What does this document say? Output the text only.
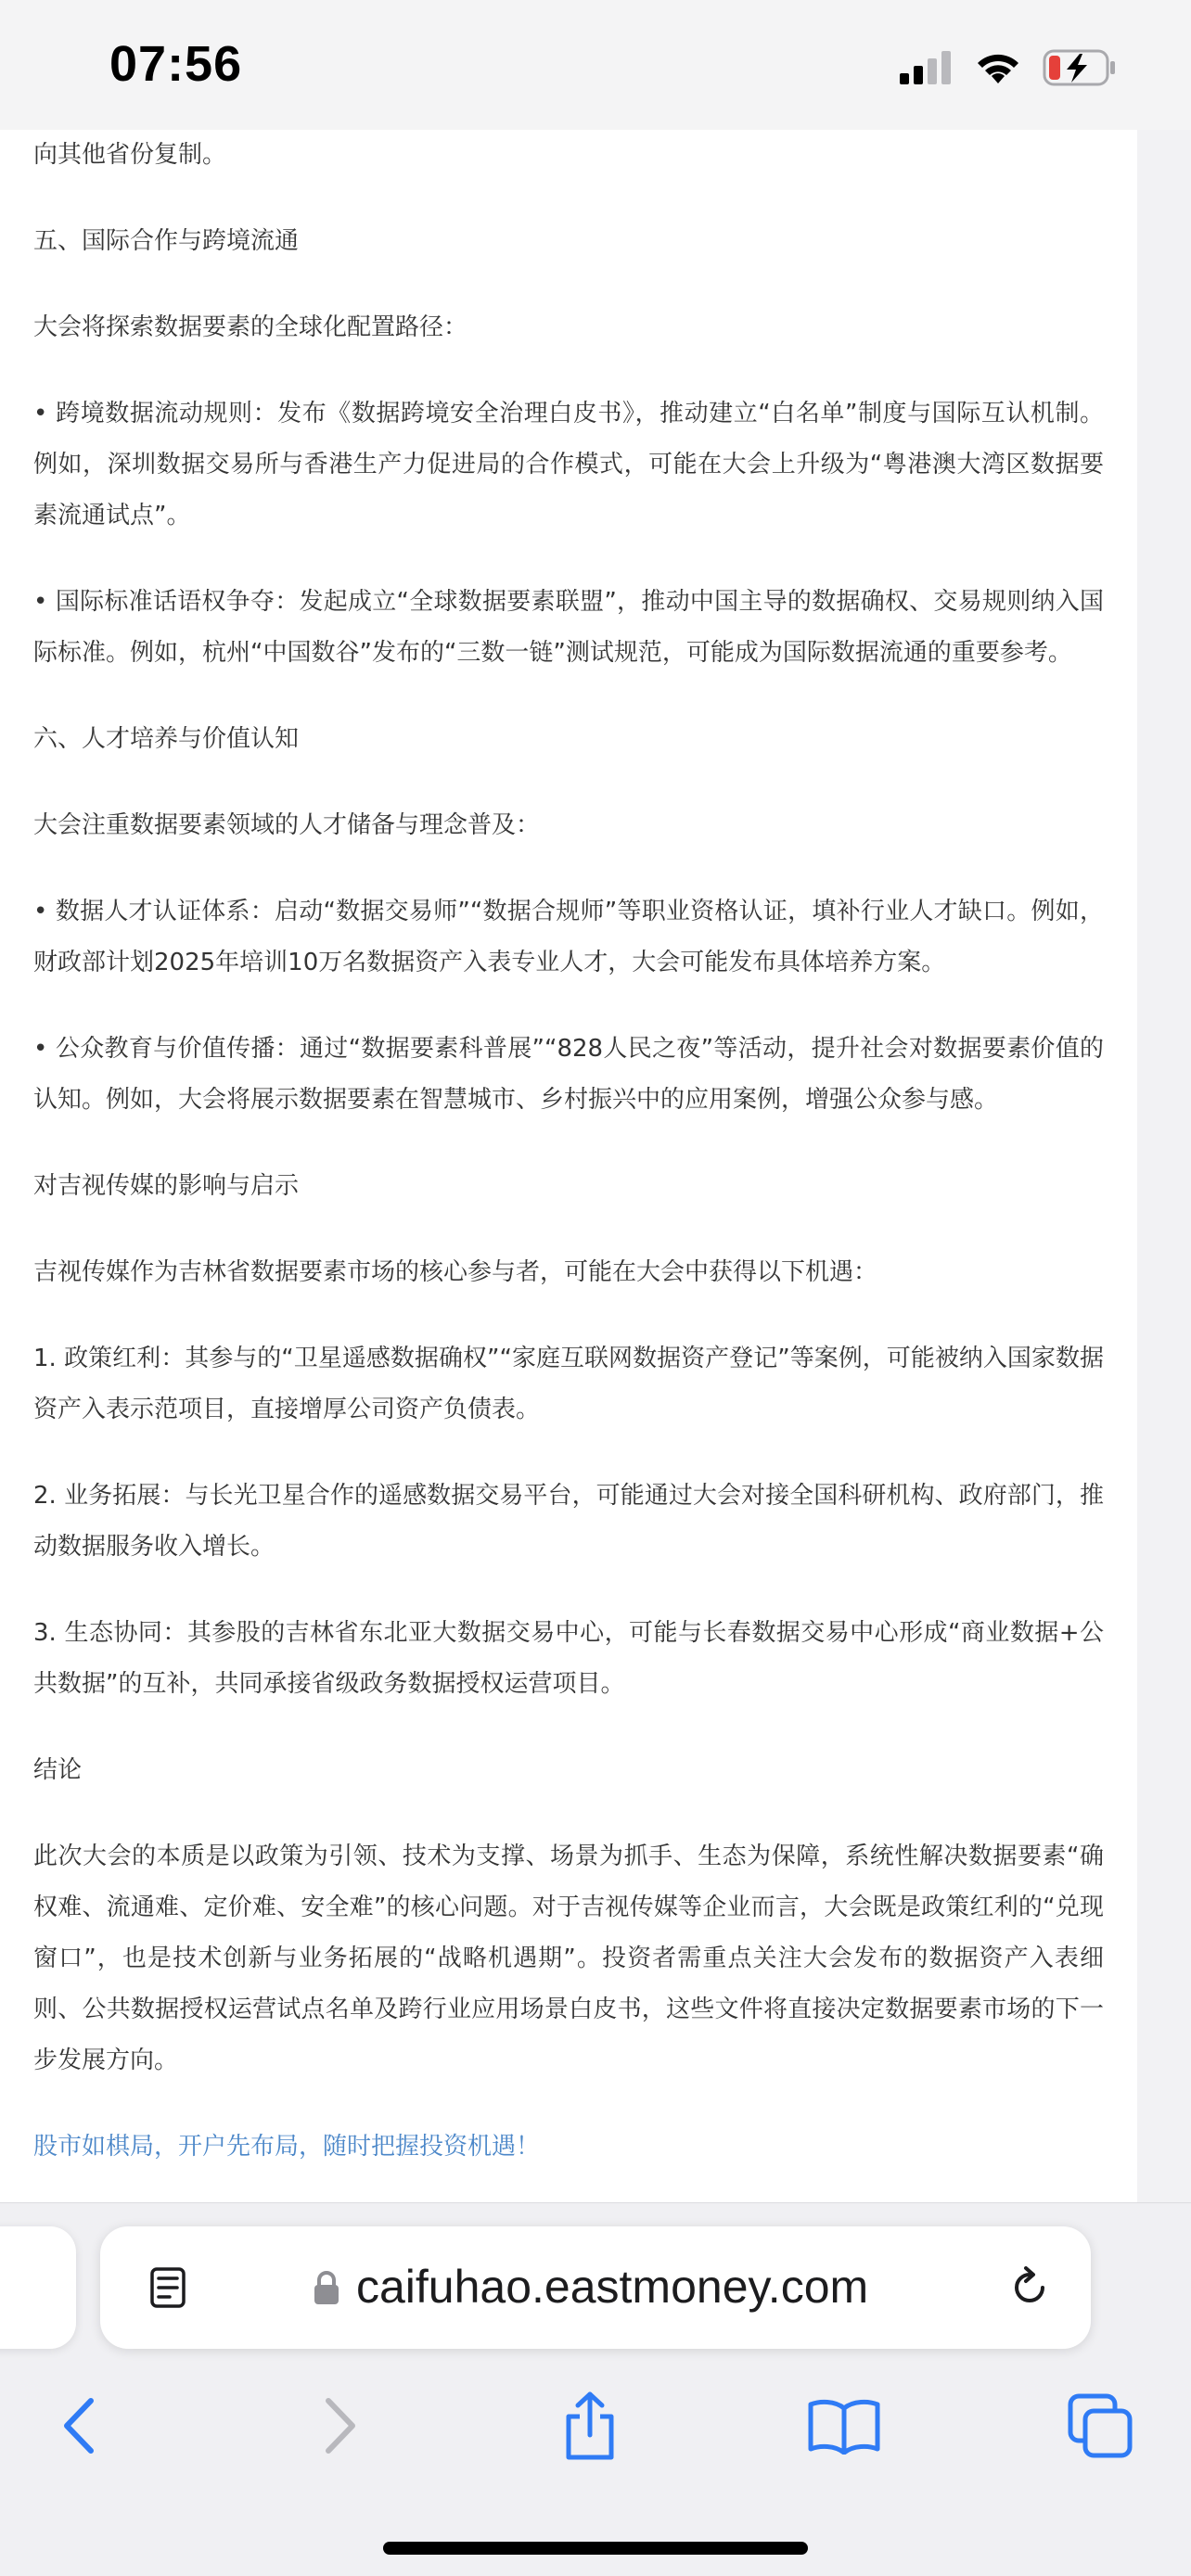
07:56

向其他省份复制。

五、国际合作与跨境流通

大会将探索数据要素的全球化配置路径：

• 跨境数据流动规则：发布《数据跨境安全治理白皮书》，推动建立“白名单”制度与国际互认机制。例如，深圳数据交易所与香港生产力促进局的合作模式，可能在大会上升级为“粤港澳大湾区数据要素流通试点”。

• 国际标准话语权争夺：发起成立“全球数据要素联盟”，推动中国主导的数据确权、交易规则纳入国际标准。例如，杭州“中国数谷”发布的“三数一链”测试规范，可能成为国际数据流通的重要参考。

六、人才培养与价值认知

大会注重数据要素领域的人才储备与理念普及：

• 数据人才认证体系：启动“数据交易师”“数据合规师”等职业资格认证，填补行业人才缺口。例如，财政部计划2025年培训10万名数据资产入表专业人才，大会可能发布具体培养方案。

• 公众教育与价值传播：通过“数据要素科普展”“828人民之夜”等活动，提升社会对数据要素价值的认知。例如，大会将展示数据要素在智慧城市、乡村振兴中的应用案例，增强公众参与感。

对吉视传媒的影响与启示

吉视传媒作为吉林省数据要素市场的核心参与者，可能在大会中获得以下机遇：

1. 政策红利：其参与的“卫星遥感数据确权”“家庭互联网数据资产登记”等案例，可能被纳入国家数据资产入表示范项目，直接增厚公司资产负债表。

2. 业务拓展：与长光卫星合作的遥感数据交易平台，可能通过大会对接全国科研机构、政府部门，推动数据服务收入增长。

3. 生态协同：其参股的吉林省东北亚大数据交易中心，可能与长春数据交易中心形成“商业数据+公共数据”的互补，共同承接省级政务数据授权运营项目。

结论

此次大会的本质是以政策为引领、技术为支撑、场景为抓手、生态为保障，系统性解决数据要素“确权难、流通难、定价难、安全难”的核心问题。对于吉视传媒等企业而言，大会既是政策红利的“兑现窗口”，也是技术创新与业务拓展的“战略机遇期”。投资者需重点关注大会发布的数据资产入表细则、公共数据授权运营试点名单及跨行业应用场景白皮书，这些文件将直接决定数据要素市场的下一步发展方向。

股市如棋局，开户先布局，随时把握投资机遇！

caifuhao.eastmoney.com
